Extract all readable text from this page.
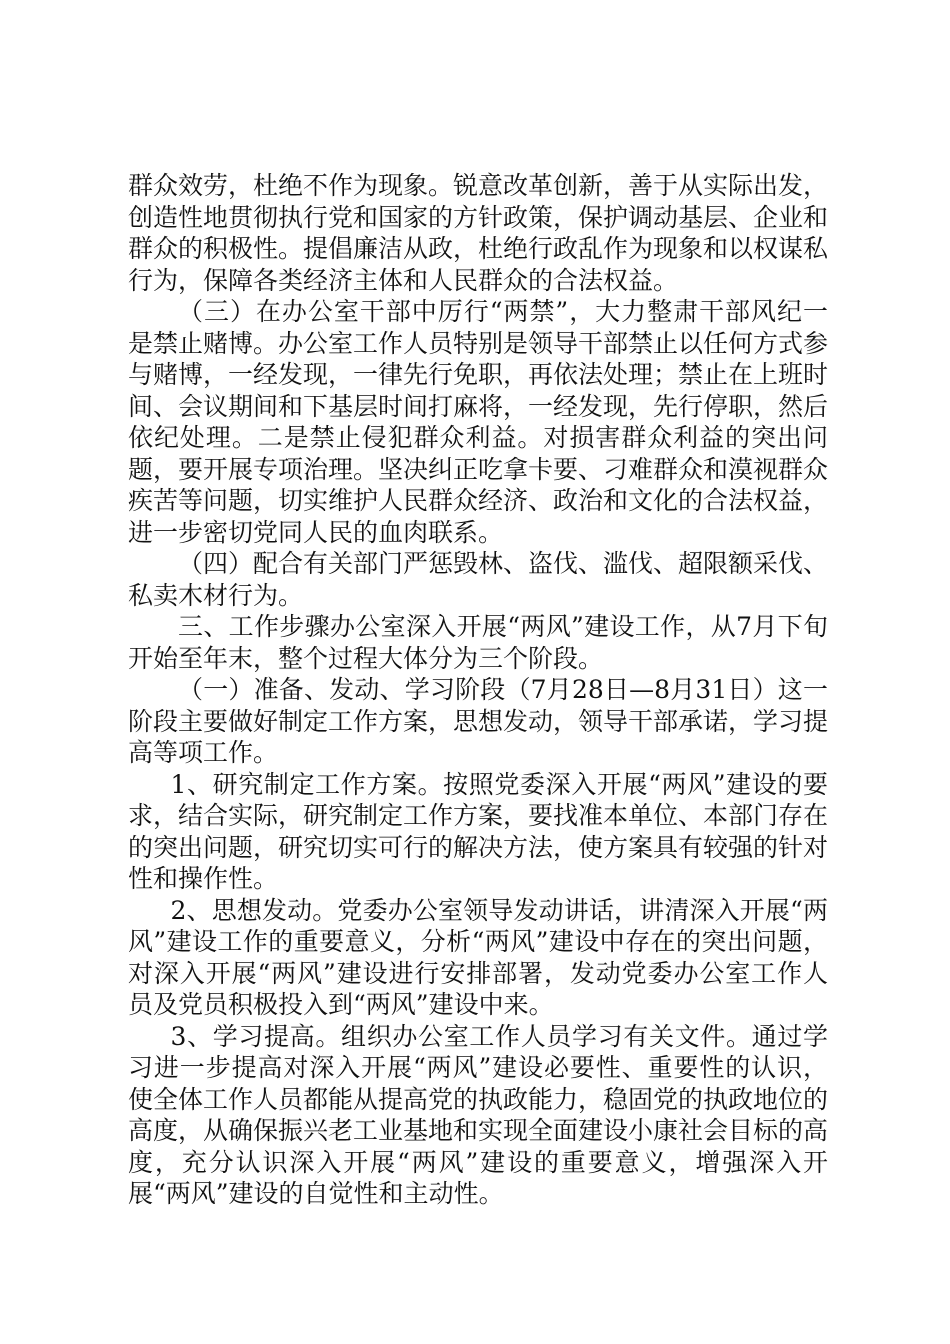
群众效劳，杜绝不作为现象。锐意改革创新，善于从实际出发，创造性地贯彻执行党和国家的方针政策，保护调动基层、企业和群众的积极性。提倡廉洁从政，杜绝行政乱作为现象和以权谋私行为，保障各类经济主体和人民群众的合法权益。

（三）在办公室干部中厉行“两禁”，大力整肃干部风纪一是禁止赌博。办公室工作人员特别是领导干部禁止以任何方式参与赌博，一经发现，一律先行免职，再依法处理；禁止在上班时间、会议期间和下基层时间打麻将，一经发现，先行停职，然后依纪处理。二是禁止侵犯群众利益。对损害群众利益的突出问题，要开展专项治理。坚决纠正吃拿卡要、刁难群众和漠视群众疾苦等问题，切实维护人民群众经济、政治和文化的合法权益，进一步密切党同人民的血肉联系。

（四）配合有关部门严惩毁林、盗伐、滥伐、超限额采伐、私卖木材行为。

三、工作步骤办公室深入开展“两风”建设工作，从7月下旬开始至年末，整个过程大体分为三个阶段。

（一）准备、发动、学习阶段（7月28日—8月31日）这一阶段主要做好制定工作方案，思想发动，领导干部承诺，学习提高等项工作。

1、研究制定工作方案。按照党委深入开展“两风”建设的要求，结合实际，研究制定工作方案，要找准本单位、本部门存在的突出问题，研究切实可行的解决方法，使方案具有较强的针对性和操作性。

2、思想发动。党委办公室领导发动讲话，讲清深入开展“两风”建设工作的重要意义，分析“两风”建设中存在的突出问题，对深入开展“两风”建设进行安排部署，发动党委办公室工作人员及党员积极投入到“两风”建设中来。

3、学习提高。组织办公室工作人员学习有关文件。通过学习进一步提高对深入开展“两风”建设必要性、重要性的认识，使全体工作人员都能从提高党的执政能力，稳固党的执政地位的高度，从确保振兴老工业基地和实现全面建设小康社会目标的高度，充分认识深入开展“两风”建设的重要意义，增强深入开展“两风”建设的自觉性和主动性。
